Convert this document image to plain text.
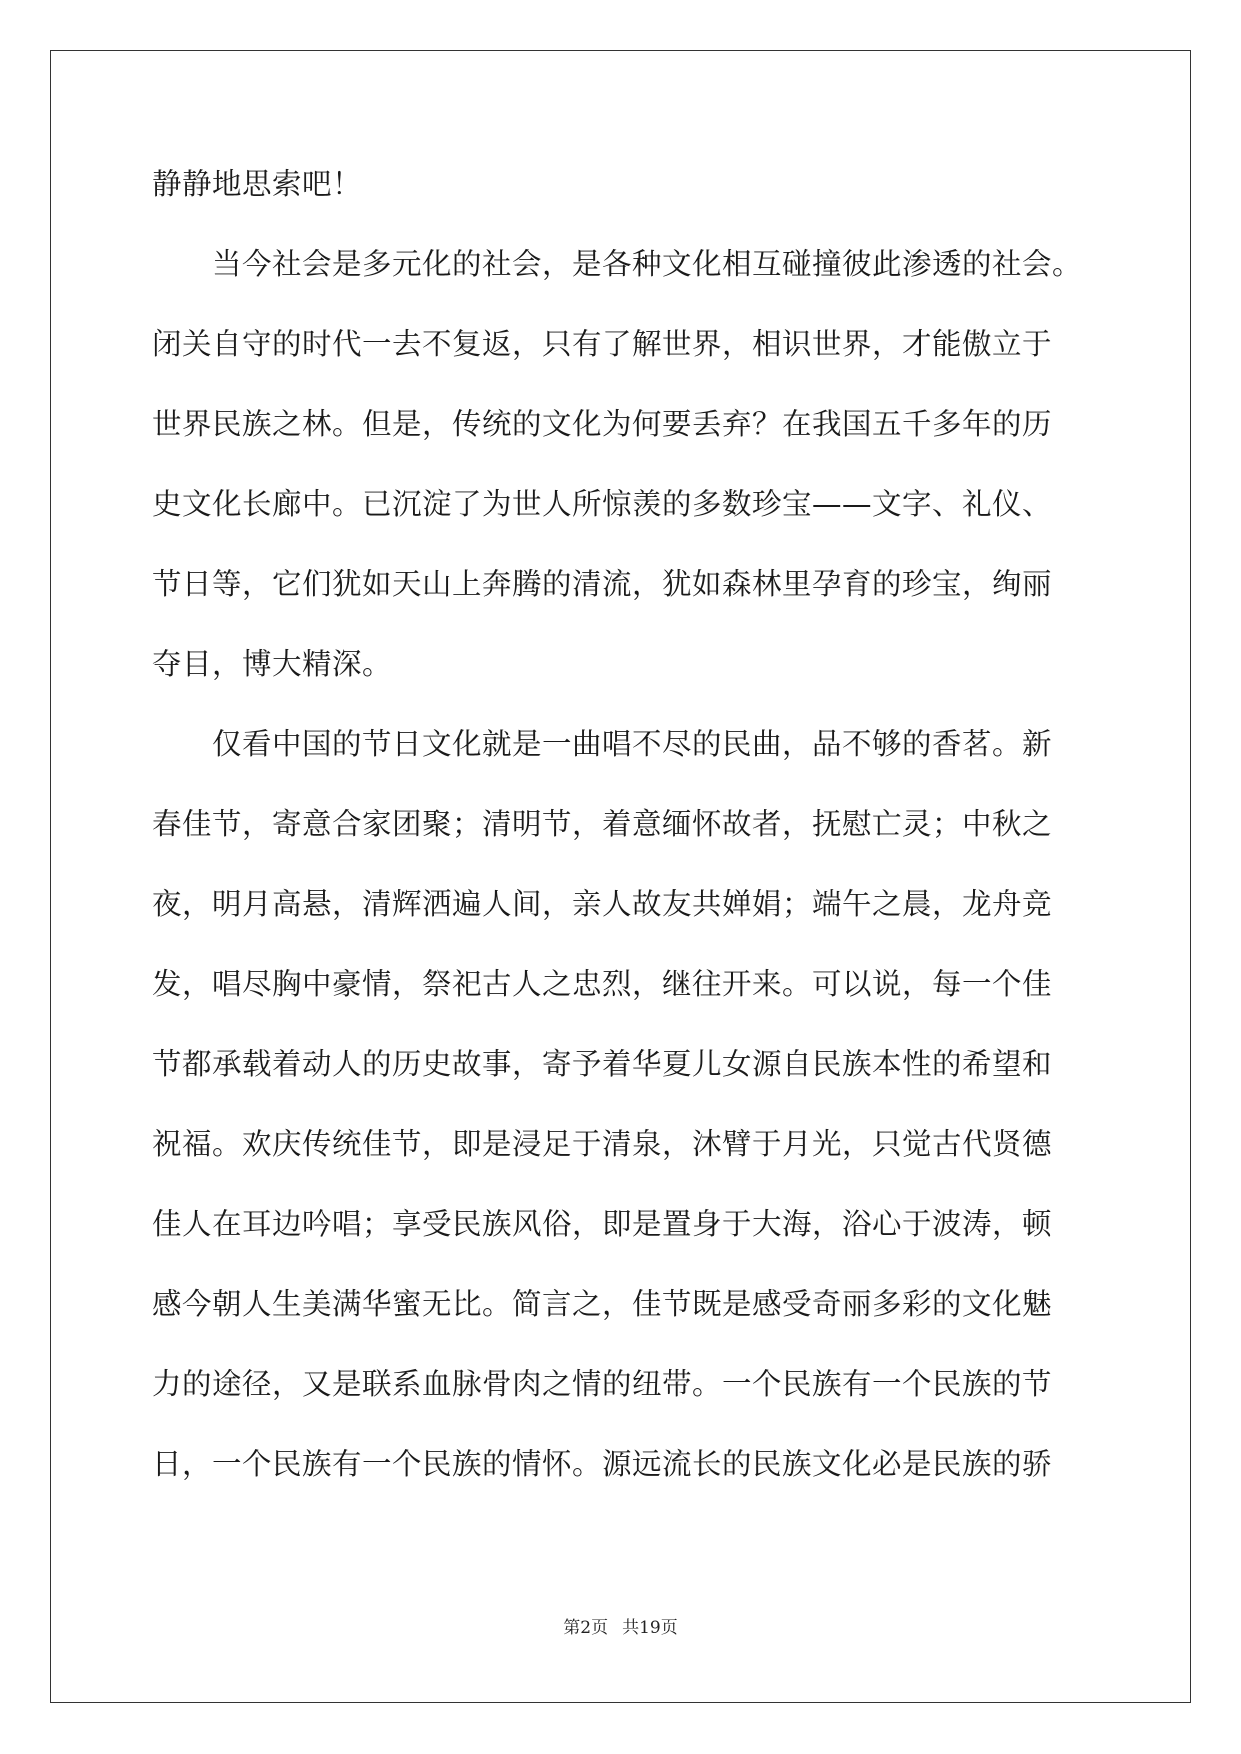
静静地思索吧！
当今社会是多元化的社会，是各种文化相互碰撞彼此渗透的社会。
闭关自守的时代一去不复返，只有了解世界，相识世界，才能傲立于
世界民族之林。但是，传统的文化为何要丢弃？在我国五千多年的历
史文化长廊中。已沉淀了为世人所惊羡的多数珍宝——文字、礼仪、
节日等，它们犹如天山上奔腾的清流，犹如森林里孕育的珍宝，绚丽
夺目，博大精深。
仅看中国的节日文化就是一曲唱不尽的民曲，品不够的香茗。新
春佳节，寄意合家团聚；清明节，着意缅怀故者，抚慰亡灵；中秋之
夜，明月高悬，清辉洒遍人间，亲人故友共婵娟；端午之晨，龙舟竞
发，唱尽胸中豪情，祭祀古人之忠烈，继往开来。可以说，每一个佳
节都承载着动人的历史故事，寄予着华夏儿女源自民族本性的希望和
祝福。欢庆传统佳节，即是浸足于清泉，沐臂于月光，只觉古代贤德
佳人在耳边吟唱；享受民族风俗，即是置身于大海，浴心于波涛，顿
感今朝人生美满华蜜无比。简言之，佳节既是感受奇丽多彩的文化魅
力的途径，又是联系血脉骨肉之情的纽带。一个民族有一个民族的节
日，一个民族有一个民族的情怀。源远流长的民族文化必是民族的骄
第2页 共19页
